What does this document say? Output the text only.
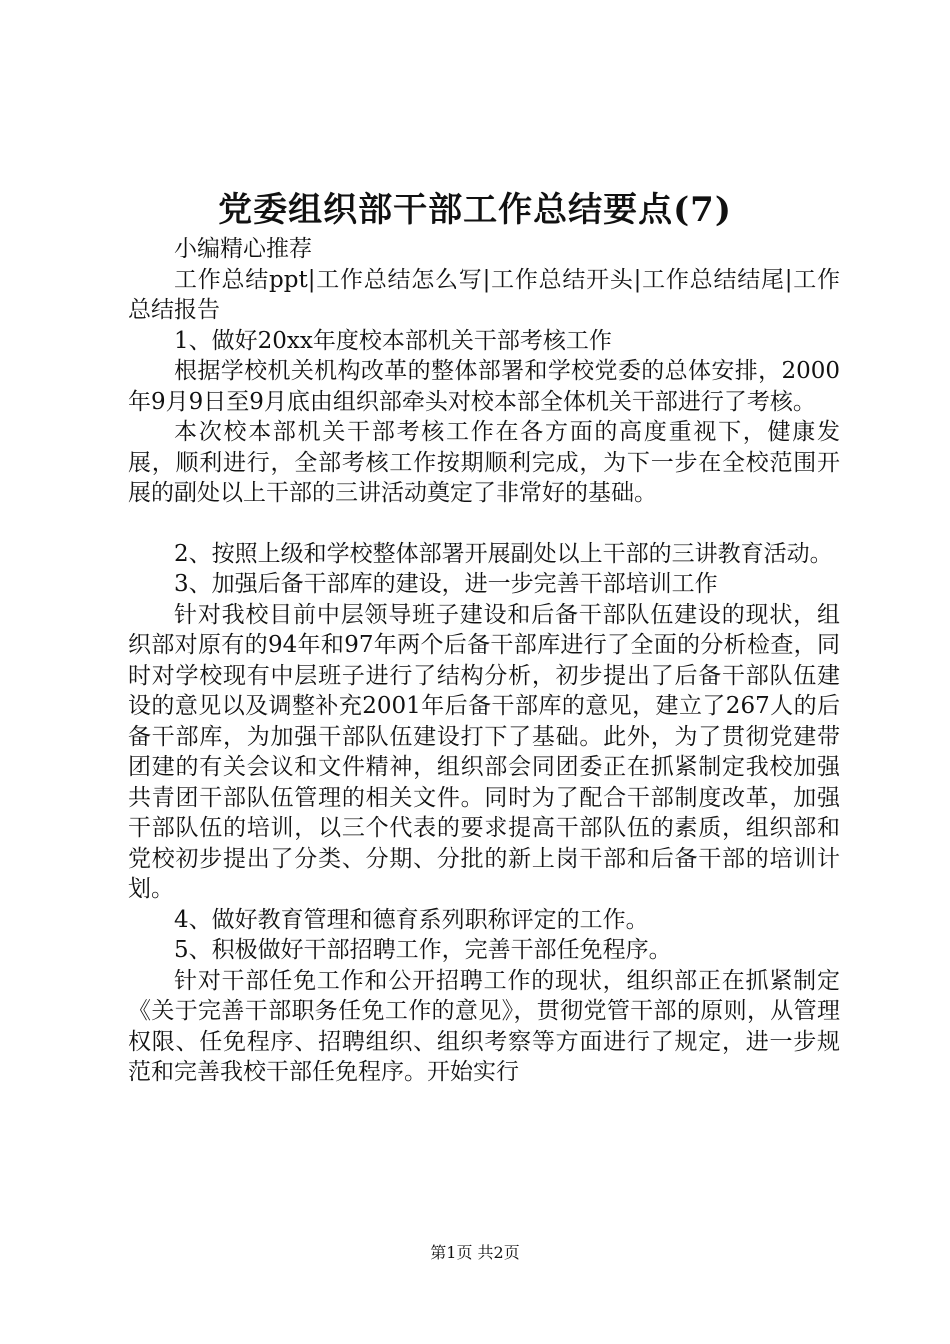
党委组织部干部工作总结要点(7)

小编精心推荐

工作总结ppt|工作总结怎么写|工作总结开头|工作总结结尾|工作总结报告

1、做好20xx年度校本部机关干部考核工作

根据学校机关机构改革的整体部署和学校党委的总体安排，2000年9月9日至9月底由组织部牵头对校本部全体机关干部进行了考核。

本次校本部机关干部考核工作在各方面的高度重视下，健康发展，顺利进行，全部考核工作按期顺利完成，为下一步在全校范围开展的副处以上干部的三讲活动奠定了非常好的基础。

2、按照上级和学校整体部署开展副处以上干部的三讲教育活动。

3、加强后备干部库的建设，进一步完善干部培训工作

针对我校目前中层领导班子建设和后备干部队伍建设的现状，组织部对原有的94年和97年两个后备干部库进行了全面的分析检查，同时对学校现有中层班子进行了结构分析，初步提出了后备干部队伍建设的意见以及调整补充2001年后备干部库的意见，建立了267人的后备干部库，为加强干部队伍建设打下了基础。此外，为了贯彻党建带团建的有关会议和文件精神，组织部会同团委正在抓紧制定我校加强共青团干部队伍管理的相关文件。同时为了配合干部制度改革，加强干部队伍的培训，以三个代表的要求提高干部队伍的素质，组织部和党校初步提出了分类、分期、分批的新上岗干部和后备干部的培训计划。

4、做好教育管理和德育系列职称评定的工作。

5、积极做好干部招聘工作，完善干部任免程序。

针对干部任免工作和公开招聘工作的现状，组织部正在抓紧制定《关于完善干部职务任免工作的意见》，贯彻党管干部的原则，从管理权限、任免程序、招聘组织、组织考察等方面进行了规定，进一步规范和完善我校干部任免程序。开始实行

第1页 共2页
